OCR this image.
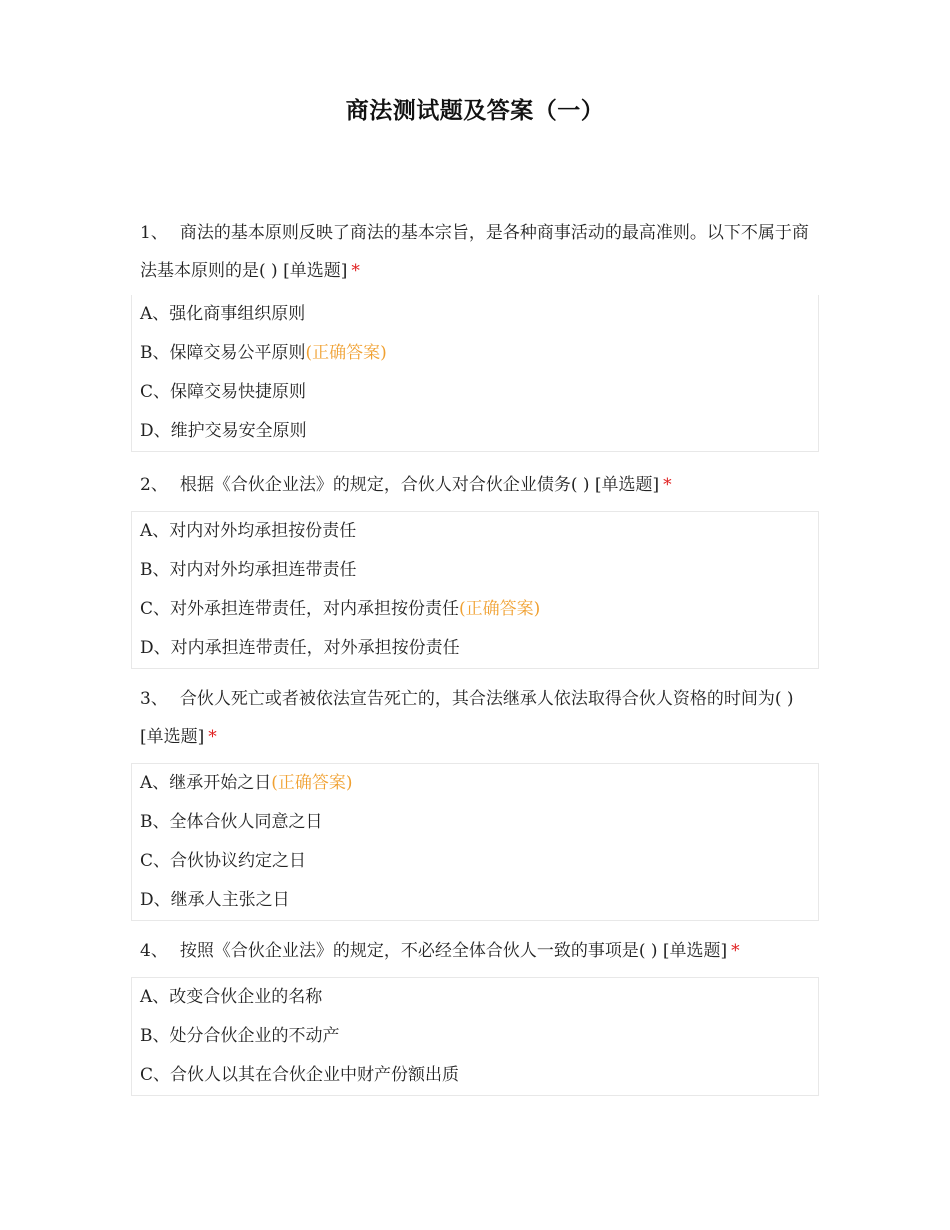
商法测试题及答案（一）
1、 商法的基本原则反映了商法的基本宗旨，是各种商事活动的最高准则。以下不属于商法基本原则的是( ) [单选题] *
A、强化商事组织原则
B、保障交易公平原则(正确答案)
C、保障交易快捷原则
D、维护交易安全原则
2、 根据《合伙企业法》的规定，合伙人对合伙企业债务( ) [单选题] *
A、对内对外均承担按份责任
B、对内对外均承担连带责任
C、对外承担连带责任，对内承担按份责任(正确答案)
D、对内承担连带责任，对外承担按份责任
3、 合伙人死亡或者被依法宣告死亡的，其合法继承人依法取得合伙人资格的时间为( ) [单选题] *
A、继承开始之日(正确答案)
B、全体合伙人同意之日
C、合伙协议约定之日
D、继承人主张之日
4、 按照《合伙企业法》的规定，不必经全体合伙人一致的事项是( ) [单选题] *
A、改变合伙企业的名称
B、处分合伙企业的不动产
C、合伙人以其在合伙企业中财产份额出质
